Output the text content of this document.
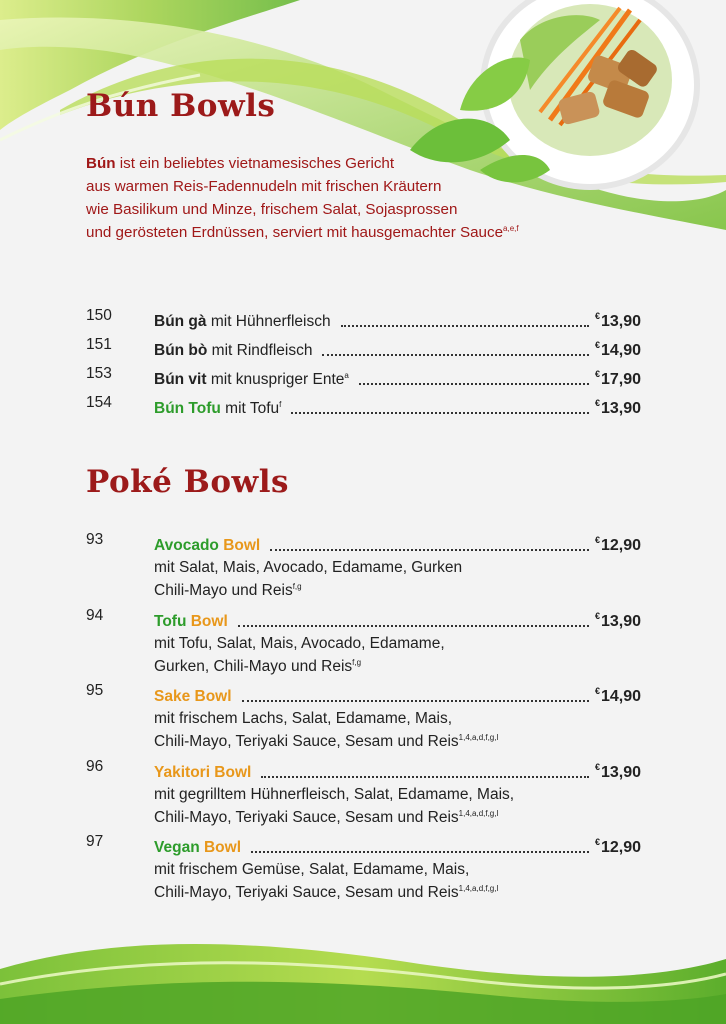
Bún Bowls
Bún ist ein beliebtes vietnamesisches Gericht
aus warmen Reis-Fadennudeln mit frischen Kräutern
wie Basilikum und Minze, frischem Salat, Sojasprossen
und gerösteten Erdnüssen, serviert mit hausgemachter Sauce$^{a,e,f}$
150	Bún gà mit Hühnerfleisch	€13,90
151	Bún bò mit Rindfleisch	€14,90
153	Bún vit mit knuspriger Ente$^a$	€17,90
154	Bún Tofu mit Tofu$^f$	€13,90
Poké Bowls
93	Avocado Bowl	€12,90
mit Salat, Mais, Avocado, Edamame, Gurken
Chili-Mayo und Reis$^{f,g}$
94	Tofu Bowl	€13,90
mit Tofu, Salat, Mais, Avocado, Edamame,
Gurken, Chili-Mayo und Reis$^{f,g}$
95	Sake Bowl	€14,90
mit frischem Lachs, Salat, Edamame, Mais,
Chili-Mayo, Teriyaki Sauce, Sesam und Reis$^{1,4,a,d,f,g,l}$
96	Yakitori Bowl	€13,90
mit gegrilltem Hühnerfleisch, Salat, Edamame, Mais,
Chili-Mayo, Teriyaki Sauce, Sesam und Reis$^{1,4,a,d,f,g,l}$
97	Vegan Bowl	€12,90
mit frischem Gemüse, Salat, Edamame, Mais,
Chili-Mayo, Teriyaki Sauce, Sesam und Reis$^{1,4,a,d,f,g,l}$
